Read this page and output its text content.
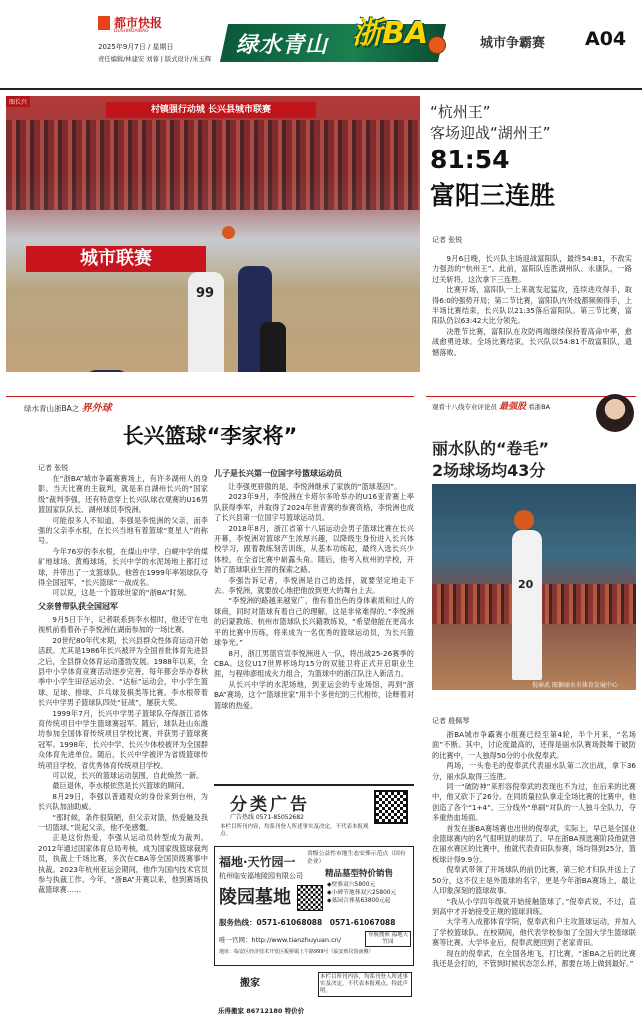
都市快报
DUSHIKUAIBAO
2025年9月7日 / 星期日
责任编辑/林建安 刘蓉 | 版式设计/朱玉辉
绿水青山 浙BA	城市争霸赛 A04
村镇强行动城 长兴县城市联赛
图长兴
城市联赛
99
“杭州王”
客场迎战“湖州王”
81:54
富阳三连胜
记者 张锐

9月6日晚，长兴队主场迎战富阳队，最终54:81，不敌实力强劲的“杭州王”。此前，富阳队连胜湖州队、永康队，一路过关斩将，这次拿下三连胜。

比赛开场，富阳队一上来就发起猛攻，连续进攻得手，取得6:0的强势开局；第二节比赛，富阳队内外线都频频得手，上半场比赛结束，长兴队以21:35落后富阳队。第三节比赛，富阳队仍以63:42大比分领先。

决胜节比赛，富阳队在攻防两端继续保持着高命中率，愈战愈勇进球。全场比赛结束，长兴队以54:81不敌富阳队，遗憾落败。

绿水青山浙BA之 界外球
长兴篮球“李家将”
记者 张锐

在“浙BA”城市争霸赛赛场上，有许多湖州人的身影。当天比赛的主裁判，就是来自湖州长兴的“国家级”裁判李强，还有特意穿上长兴队球衣观赛的U16男篮国家队队长、湖州球员李悦洲。

可能很多人不知道，李强是李悦洲的父亲，而李强的父亲李水根，在长兴当地有着篮球“夏星人”的称号。

今年76岁的李水根，在煤山中学、白岘中学的煤矿地球场、黄梅球场，长兴中学的水泥场地上都打过球，并带出了一支篮球队。他曾在1999年率领球队夺得全国冠军，“长兴篮球”一战成名。

可以说，这是一个篮球世家的“浙BA”时刻。

父亲曾带队获全国冠军

9月5日下午，记者联系到李水根时，他还守在电视机前看着孙子李悦洲在湖南参加的一场比赛。

20世纪80年代末期，长兴县群众性体育运动开始活跃。尤其是1986年长兴被评为全国首批体育先进县之后，全县群众体育运动蓬勃发展。1988年以来，全县中小学体育竞赛活动逐步完善，每年都会举办春秋季中小学生田径运动会、“达标”运动会，中小学生篮球、足球、排球、乒乓球及棋类等比赛。李水根带着长兴中学男子篮球队四处“征战”，屡获大奖。

1999年7月，长兴中学男子篮球队夺得浙江省体育传统项目中学生篮球赛冠军。随后，球队赴山东潍坊参加全国体育传统项目学校比赛，并获男子篮球赛冠军。1998年，长兴中学、长兴少体校被评为全国群众体育先进单位。随后，长兴中学被评为省级篮球传统项目学校、省优秀体育传统项目学校。

可以说，长兴的篮球运动氛围，自此焕然一新。

最巨退休，李水根依然是长兴篮球的顾问。

8月29日，李强以普通观众的身份来到台州，为长兴队加油助威。

“那时候，条件很简陋，但父亲对篮，热爱触及我一切篮球。”说起父亲，他不免感慨。

正是这份热爱，李强从运动员转型成为裁判。2012年通过国家体育总局考核，成为国家级篮球裁判员，执裁上千场比赛，多次在CBA等全国顶级赛事中执裁。2023年杭州亚运会期间，他作为国内技术官员参与执裁工作。今年，“浙BA”开赛以来，他到赛场执裁篮球赛……

儿子是长兴第一位国字号篮球运动员

让李强更骄傲的是，李悦洲继承了家族的“篮球基因”。

2023年9月，李悦洲在卡塔尔多哈举办的U16亚青赛上率队获得季军，并取得了2024年世青赛的参赛资格，李悦洲也成了长兴县第一位国字号篮球运动员。

2018年8月，浙江省第十八届运动会男子篮球比赛在长兴开幕，李悦洲对篮球产生浓厚兴趣，以降级生身份进入长兴体校学习，跟着教练刻苦训练，从基本功练起，最终入选长兴少体校，在全省比赛中崭露头角。随后，他考入杭州的学校，开始了篮球职业生涯的探索之路。

李强告诉记者，李悦洲是自己的选择，就要坚定地走下去。李悦洲，就要放心地把他放到更大的舞台上去。

“李悦洲的路越来越宽广，他有着出色的身体素质和过人的球商，同时对篮球有着自己的理解，这是非常难得的。”李悦洲的启蒙教练、杭州市篮球队长兴籍教练说，“希望他能在更高水平的比赛中历练，将来成为一名优秀的篮球运动员，为长兴篮球争光。”

8月，浙江男篮官宣李悦洲进入一队，将出战25-26赛季的CBA。这位U17世界杯场均15分的双能卫将正式开启职业生涯，与程帅澎组成火力组合，为篮球中的浙江队注入新活力。

从长兴中学的水泥场地，到亚运会的专业场馆，再到“浙BA”赛场，这个“篮球世家”用半个多世纪的三代相传，诠释着对篮球的热爱。

分类广告
广告热线 0571-85052682
本栏目所刊内容，均系刊登人所述事实及决定，不代表本报观点。
福地·天竹园一
省级公益性市地生态安葬示范点（国有企业）
杭州临安福地陵园有限公司	精品墓型特价销售
陵园墓地
◆壁葬双穴5800元
◆小碑节地葬双穴25800元
◆墓园合葬墓63800元起
服务热线：0571-61068088　0571-61067088
唯一官网：http://www.tianzhuyuan.cn/
导航搜索 福地天竹园
地址：临安区经济技术开发区板桥镇上午路999号（临安殡仪馆南侧）
搬家
乐得搬家 86712180 特价价
本栏目所刊内容，均系刊登人所述事实及决定，不代表本报观点，特此声明。
观看十八线专业评论员 最强股 看浙BA
丽水队的“卷毛”
2场球场均43分
20
倪奉武 图据丽水市体育发展中心
记者 殷佩琴

浙BA城市争霸赛小组赛已经至第4轮，半个月来，“名场面”不断。其中，讨论度最高的，还得是丽水队赛场鼓舞于破防的比赛中，一人独得50分的小伙倪奉武。

两场，一头卷毛的倪奉武代表丽水队第二次出战，拿下36分，丽水队取得三连胜。

同一“破防神”来形容倪奉武的表现也不为过，在后来的比赛中，他又砍下了26分。在同质量拉队拿走全场比赛的比赛中，他创造了各个“1+4”、三分线外“单刷”对队的一人独斗全队力，夺多重热血场面。

首发在浙BA赛场赛也出世的倪奉武，实际上，早已是全国业余篮球赛内的名气很明显的球员了。早在浙BA预选赛阶段他就曾在丽水赛区的比赛中，他就代表青田队参赛，场均得到25分，篮板球计得9.9分。

倪奉武带领了开场球队的前仍比赛，第三轮才归队并送上了50分，这不仅主是外篮球的名字，更是今年浙BA赛场上，最让人印象深刻的篮球故事。

“我从小学四年级就开始接触篮球了。”倪奉武说，不过，直到高中才开始接受正规的篮球训练。

大学考入成都体育学院，倪奉武和户主攻篮球运动，并加入了学校篮球队。在校期间，他代表学校参加了全国大学生篮球联赛等比赛。大学毕业后，倪奉武便回到了老家青田。

现在的倪奉武，在全国各地飞，打比赛，“浙BA之后的比赛我还是会打的，不管到时候状态怎么样，都要在场上做到最好。”
